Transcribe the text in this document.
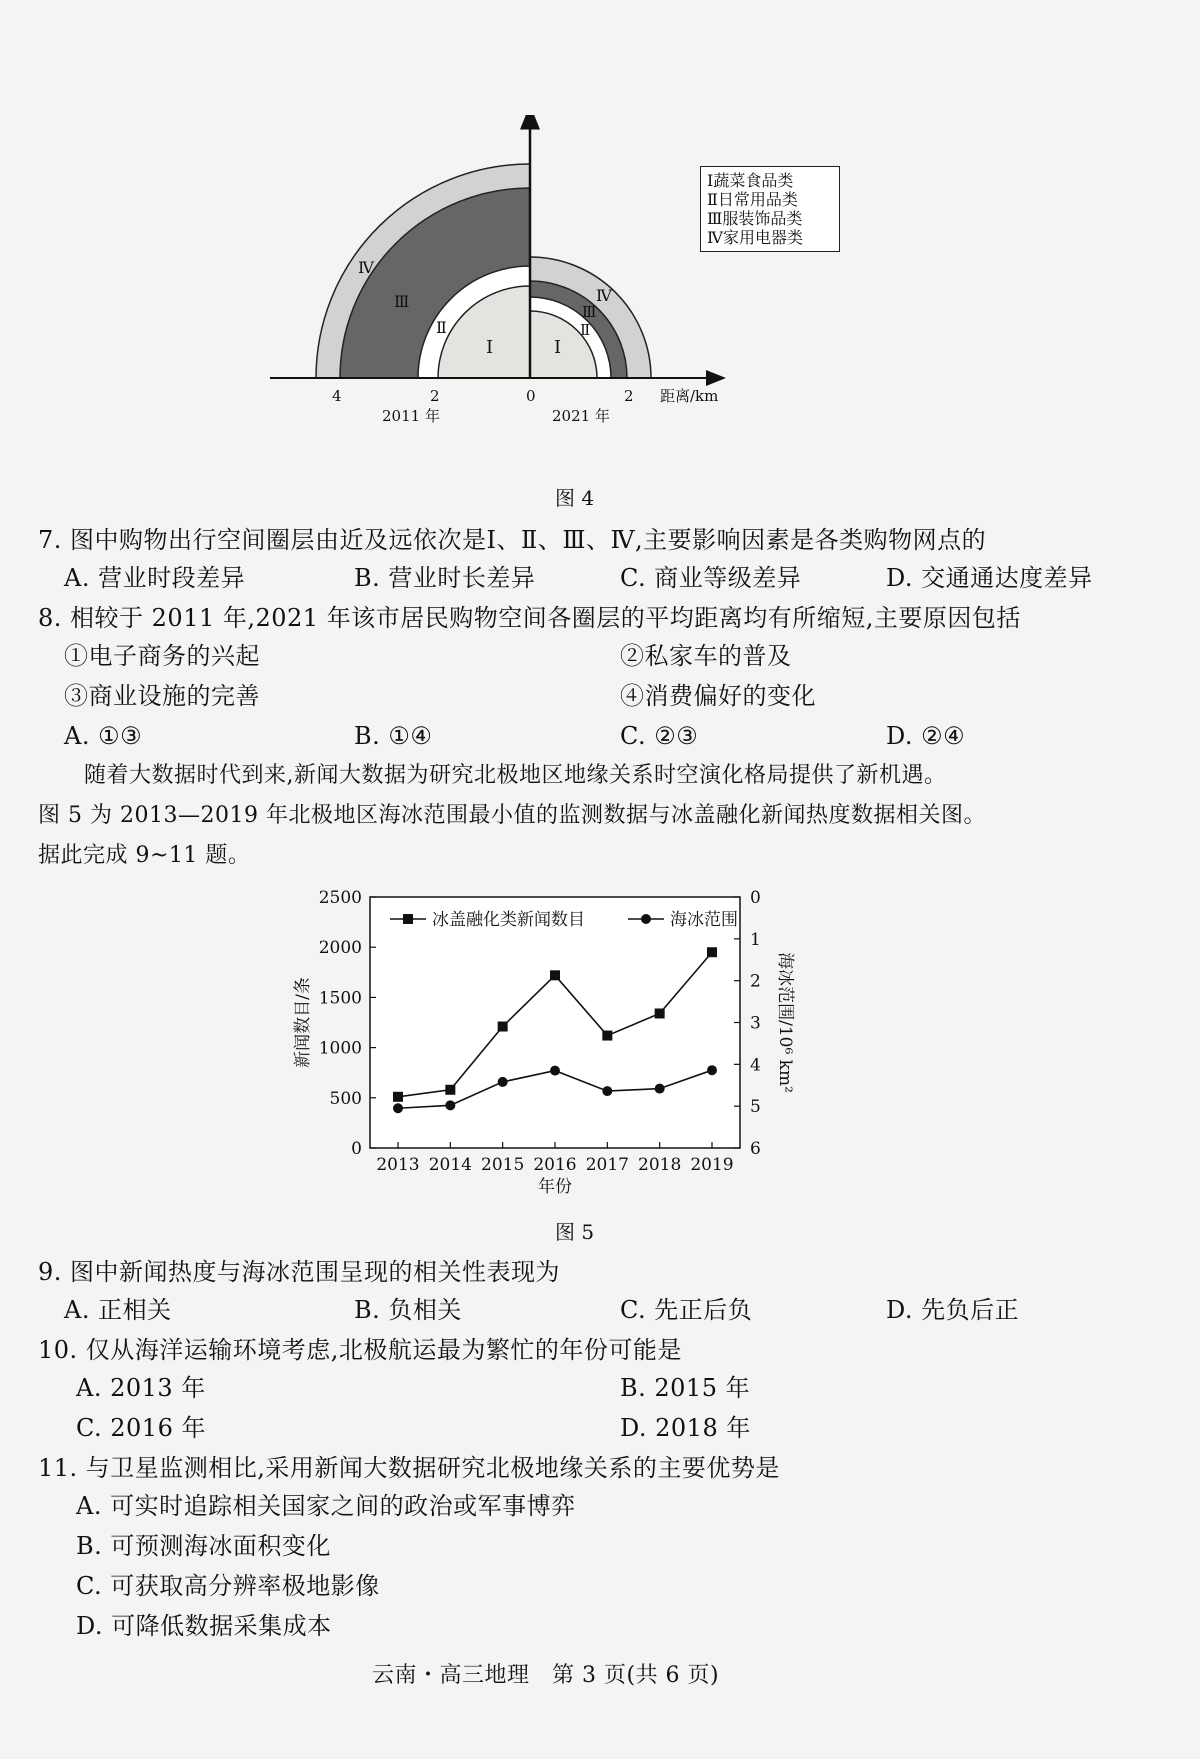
Ⅳ
Ⅲ
Ⅱ
Ⅰ
Ⅳ
Ⅲ
Ⅱ
Ⅰ
4	2	0	2 距离/km
2011 年	2021 年
Ⅰ蔬菜食品类
Ⅱ日常用品类
Ⅲ服装饰品类
Ⅳ家用电器类
图 4
7. 图中购物出行空间圈层由近及远依次是Ⅰ、Ⅱ、Ⅲ、Ⅳ,主要影响因素是各类购物网点的
A. 营业时段差异	B. 营业时长差异	C. 商业等级差异	D. 交通通达度差异
8. 相较于 2011 年,2021 年该市居民购物空间各圈层的平均距离均有所缩短,主要原因包括
①电子商务的兴起	②私家车的普及
③商业设施的完善	④消费偏好的变化
A. ①③	B. ①④	C. ②③	D. ②④
随着大数据时代到来,新闻大数据为研究北极地区地缘关系时空演化格局提供了新机遇。
图 5 为 2013—2019 年北极地区海冰范围最小值的监测数据与冰盖融化新闻热度数据相关图。
据此完成 9~11 题。
0
500
1000
1500
2000
2500	0
1
2
3
4
5
6
2013 2014 2015 2016 2017 2018 2019
年份
新闻数目/条	海冰范围/10⁶ km²
冰盖融化类新闻数目	海冰范围
图 5
9. 图中新闻热度与海冰范围呈现的相关性表现为
A. 正相关	B. 负相关	C. 先正后负	D. 先负后正
10. 仅从海洋运输环境考虑,北极航运最为繁忙的年份可能是
A. 2013 年	B. 2015 年
C. 2016 年	D. 2018 年
11. 与卫星监测相比,采用新闻大数据研究北极地缘关系的主要优势是
A. 可实时追踪相关国家之间的政治或军事博弈
B. 可预测海冰面积变化
C. 可获取高分辨率极地影像
D. 可降低数据采集成本
云南・高三地理　第 3 页(共 6 页)
